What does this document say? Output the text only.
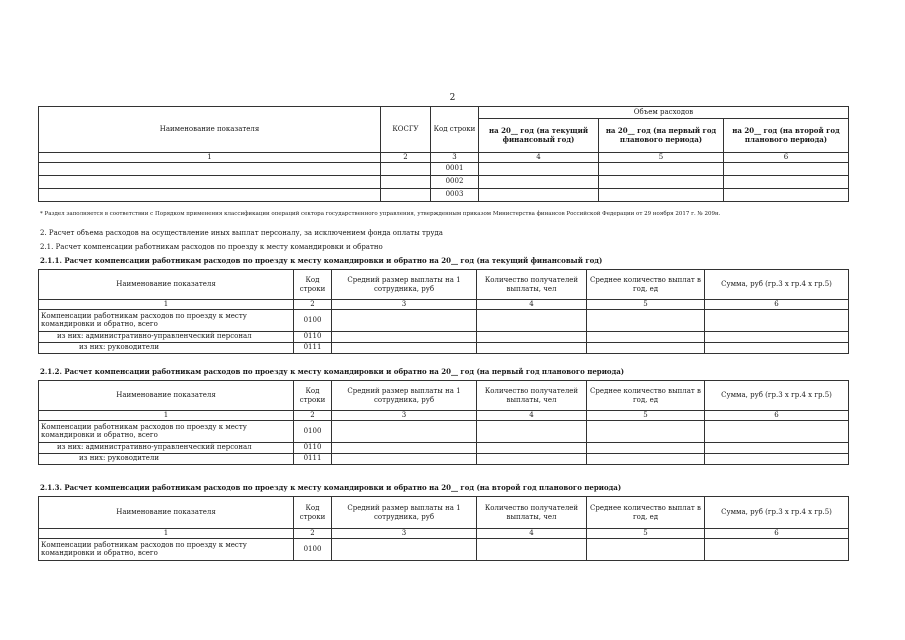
2
Наименование показателя	КОСГУ	Код строки	Объем расходов		
			на 20__ год (на текущий финансовый год)	на 20__ год (на первый год планового периода)	на 20__ год (на второй год планового периода)
1	2	3	4	5	6
		0001			
		0002			
		0003			
* Раздел заполняется в соответствии с Порядком применения классификации операций сектора государственного управления, утвержденным приказом Министерства финансов Российской Федерации от 29 ноября 2017 г. № 209н.
2. Расчет объема расходов на осуществление иных выплат персоналу, за исключением фонда оплаты труда
2.1. Расчет компенсации работникам расходов по проезду к месту командировки и обратно
2.1.1. Расчет компенсации работникам расходов по проезду к месту командировки и обратно на 20__ год (на текущий финансовый год)
Наименование показателя	Код строки	Средний размер выплаты на 1 сотрудника, руб	Количество получателей выплаты, чел	Среднее количество выплат в год, ед	Сумма, руб (гр.3 х гр.4 х гр.5)
1	2	3	4	5	6
Компенсации работникам расходов по проезду к месту командировки и обратно, всего	0100				
из них: административно-управленческий персонал	0110				
из них: руководители	0111				
2.1.2. Расчет компенсации работникам расходов по проезду к месту командировки и обратно на 20__ год (на первый год планового периода)
Наименование показателя	Код строки	Средний размер выплаты на 1 сотрудника, руб	Количество получателей выплаты, чел	Среднее количество выплат в год, ед	Сумма, руб (гр.3 х гр.4 х гр.5)
1	2	3	4	5	6
Компенсации работникам расходов по проезду к месту командировки и обратно, всего	0100				
из них: административно-управленческий персонал	0110				
из них: руководители	0111				
2.1.3. Расчет компенсации работникам расходов по проезду к месту командировки и обратно на 20__ год (на второй год планового периода)
Наименование показателя	Код строки	Средний размер выплаты на 1 сотрудника, руб	Количество получателей выплаты, чел	Среднее количество выплат в год, ед	Сумма, руб (гр.3 х гр.4 х гр.5)
1	2	3	4	5	6
Компенсации работникам расходов по проезду к месту командировки и обратно, всего	0100				
